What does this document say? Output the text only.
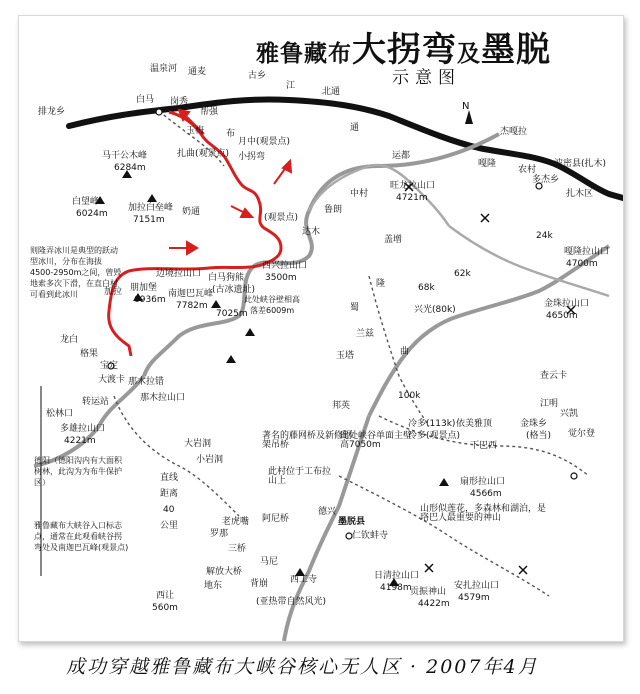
N
雅鲁藏布大拐弯及墨脱
示意图
温泉河 通麦	古乡
江
北通
排龙乡
白马 岗秀
帮强
玉梅 布
月中(观景点)
小拐弯
扎曲(观景点)
马干公木峰
6284m
白望峰
6024m
加拉白垒峰
7151m
奶通
(观景点)
则隆弄冰川是典型的跃动型冰川，分布在海拔4500-2950m之间，曾毁地索多次下滑，在直白村可看到此冰川
边境拉山口 白马狗熊
(古冰遗址)
西兴拉山口
3500m
此处峡谷壁相高
落差6009m
加拉 朋加堡
6936m
南迦巴瓦峰
7782m
7025m
龙白
格果
宝定
大渡卡 那木拉错
那木拉山口
转运站
松林口
多雄拉山口
4221m
德阳（德阳沟内有大面积树林，此沟为为布牛保护区）
雅鲁藏布大峡谷入口标志点，通常在此观看峡谷拐弯处及南迦巴瓦峰(观景点)
大岩洞
小岩洞
直线
距离
40
公里	老虎嘴
罗那
三桥
解放大桥
阿尼桥
马尼
背崩
地东
西让
560m
西工寺
(亚热带自然风光)
著名的藤网桥及新修钢架吊桥
此处峡谷单面主壁高7050m
此村位于工布拉山上
德兴
墨脱县
仁钦蚌寺
扇形拉山口
4566m
山形似莲花，多森林和湖泊，是珞巴人最重要的神山
日清拉山口
4198m
贡振神山
4422m
安扎拉山口
4579m
依美雅顶	金珠乡
(格当) 觉尔登
下巴西
江明
查云卡
兴凯
金珠拉山口
4650m
嘎隆拉山口
4700m
波密县(扎木)
多杰乡
扎木区
农村
旺龙拉山口
4721m
中村
盖增
62k
68k
24k
兴光(80k)
100k
冷多(113k)
冷多(观景点)
玉塔
兰兹
邦英
嘎隆
运都
杰嘎拉
鲁朗
达木
蜀
隆
曲
通
成功穿越雅鲁藏布大峡谷核心无人区 · 2007年4月
